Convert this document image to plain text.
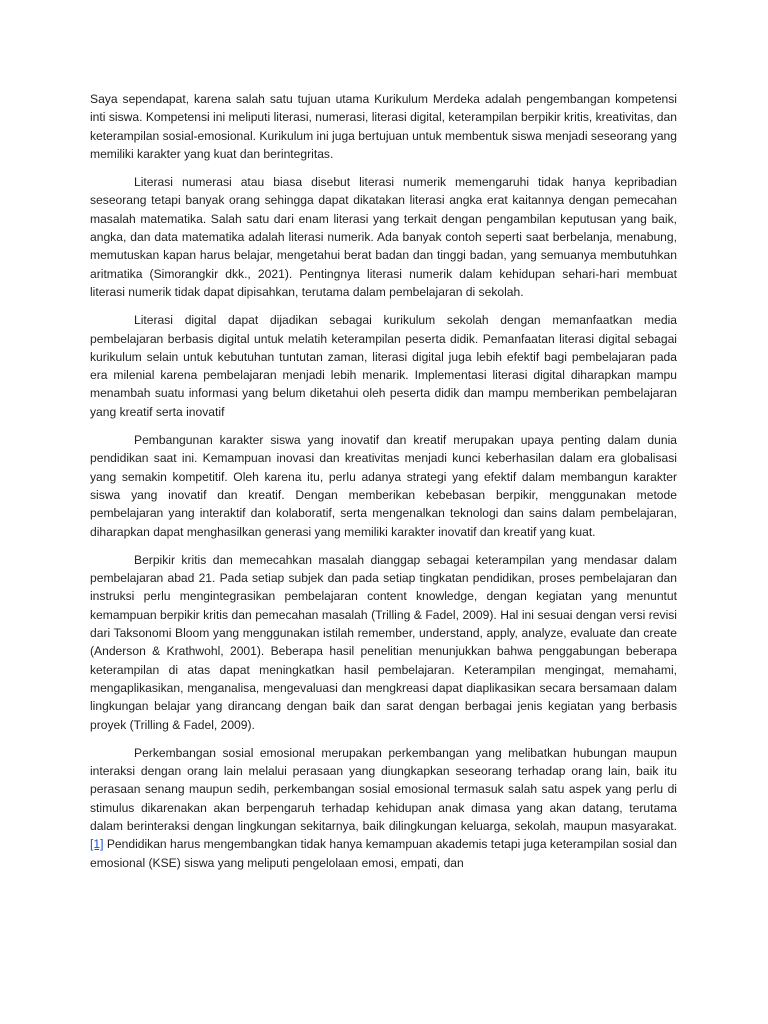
Saya sependapat, karena salah satu tujuan utama Kurikulum Merdeka adalah pengembangan kompetensi inti siswa. Kompetensi ini meliputi literasi, numerasi, literasi digital, keterampilan berpikir kritis, kreativitas, dan keterampilan sosial-emosional. Kurikulum ini juga bertujuan untuk membentuk siswa menjadi seseorang yang memiliki karakter yang kuat dan berintegritas.

Literasi numerasi atau biasa disebut literasi numerik memengaruhi tidak hanya kepribadian seseorang tetapi banyak orang sehingga dapat dikatakan literasi angka erat kaitannya dengan pemecahan masalah matematika. Salah satu dari enam literasi yang terkait dengan pengambilan keputusan yang baik, angka, dan data matematika adalah literasi numerik. Ada banyak contoh seperti saat berbelanja, menabung, memutuskan kapan harus belajar, mengetahui berat badan dan tinggi badan, yang semuanya membutuhkan aritmatika (Simorangkir dkk., 2021). Pentingnya literasi numerik dalam kehidupan sehari-hari membuat literasi numerik tidak dapat dipisahkan, terutama dalam pembelajaran di sekolah.

Literasi digital dapat dijadikan sebagai kurikulum sekolah dengan memanfaatkan media pembelajaran berbasis digital untuk melatih keterampilan peserta didik. Pemanfaatan literasi digital sebagai kurikulum selain untuk kebutuhan tuntutan zaman, literasi digital juga lebih efektif bagi pembelajaran pada era milenial karena pembelajaran menjadi lebih menarik. Implementasi literasi digital diharapkan mampu menambah suatu informasi yang belum diketahui oleh peserta didik dan mampu memberikan pembelajaran yang kreatif serta inovatif

Pembangunan karakter siswa yang inovatif dan kreatif merupakan upaya penting dalam dunia pendidikan saat ini. Kemampuan inovasi dan kreativitas menjadi kunci keberhasilan dalam era globalisasi yang semakin kompetitif. Oleh karena itu, perlu adanya strategi yang efektif dalam membangun karakter siswa yang inovatif dan kreatif. Dengan memberikan kebebasan berpikir, menggunakan metode pembelajaran yang interaktif dan kolaboratif, serta mengenalkan teknologi dan sains dalam pembelajaran, diharapkan dapat menghasilkan generasi yang memiliki karakter inovatif dan kreatif yang kuat.

Berpikir kritis dan memecahkan masalah dianggap sebagai keterampilan yang mendasar dalam pembelajaran abad 21. Pada setiap subjek dan pada setiap tingkatan pendidikan, proses pembelajaran dan instruksi perlu mengintegrasikan pembelajaran content knowledge, dengan kegiatan yang menuntut kemampuan berpikir kritis dan pemecahan masalah (Trilling & Fadel, 2009). Hal ini sesuai dengan versi revisi dari Taksonomi Bloom yang menggunakan istilah remember, understand, apply, analyze, evaluate dan create (Anderson & Krathwohl, 2001). Beberapa hasil penelitian menunjukkan bahwa penggabungan beberapa keterampilan di atas dapat meningkatkan hasil pembelajaran. Keterampilan mengingat, memahami, mengaplikasikan, menganalisa, mengevaluasi dan mengkreasi dapat diaplikasikan secara bersamaan dalam lingkungan belajar yang dirancang dengan baik dan sarat dengan berbagai jenis kegiatan yang berbasis proyek (Trilling & Fadel, 2009).

Perkembangan sosial emosional merupakan perkembangan yang melibatkan hubungan maupun interaksi dengan orang lain melalui perasaan yang diungkapkan seseorang terhadap orang lain, baik itu perasaan senang maupun sedih, perkembangan sosial emosional termasuk salah satu aspek yang perlu di stimulus dikarenakan akan berpengaruh terhadap kehidupan anak dimasa yang akan datang, terutama dalam berinteraksi dengan lingkungan sekitarnya, baik dilingkungan keluarga, sekolah, maupun masyarakat.[1] Pendidikan harus mengembangkan tidak hanya kemampuan akademis tetapi juga keterampilan sosial dan emosional (KSE) siswa yang meliputi pengelolaan emosi, empati, dan
